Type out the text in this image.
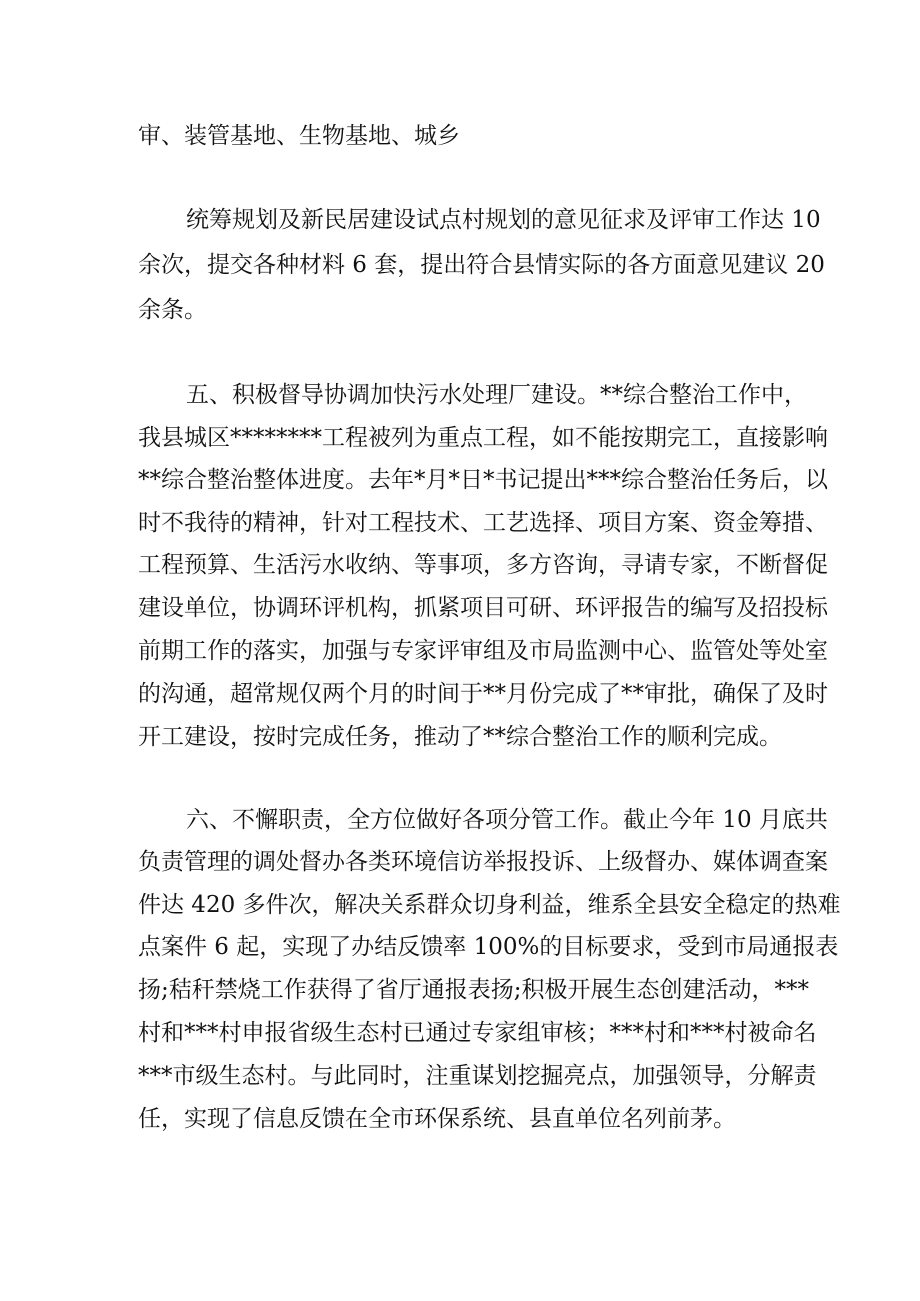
审、装管基地、生物基地、城乡
统筹规划及新民居建设试点村规划的意见征求及评审工作达 10
余次，提交各种材料 6 套，提出符合县情实际的各方面意见建议 20
余条。
五、积极督导协调加快污水处理厂建设。**综合整治工作中，
我县城区********工程被列为重点工程，如不能按期完工，直接影响
**综合整治整体进度。去年*月*日*书记提出***综合整治任务后，以
时不我待的精神，针对工程技术、工艺选择、项目方案、资金筹措、
工程预算、生活污水收纳、等事项，多方咨询，寻请专家，不断督促
建设单位，协调环评机构，抓紧项目可研、环评报告的编写及招投标
前期工作的落实，加强与专家评审组及市局监测中心、监管处等处室
的沟通，超常规仅两个月的时间于**月份完成了**审批，确保了及时
开工建设，按时完成任务，推动了**综合整治工作的顺利完成。
六、不懈职责，全方位做好各项分管工作。截止今年 10 月底共
负责管理的调处督办各类环境信访举报投诉、上级督办、媒体调查案
件达 420 多件次，解决关系群众切身利益，维系全县安全稳定的热难
点案件 6 起，实现了办结反馈率 100%的目标要求，受到市局通报表
扬;秸秆禁烧工作获得了省厅通报表扬;积极开展生态创建活动，***
村和***村申报省级生态村已通过专家组审核；***村和***村被命名
***市级生态村。与此同时，注重谋划挖掘亮点，加强领导，分解责
任，实现了信息反馈在全市环保系统、县直单位名列前茅。
